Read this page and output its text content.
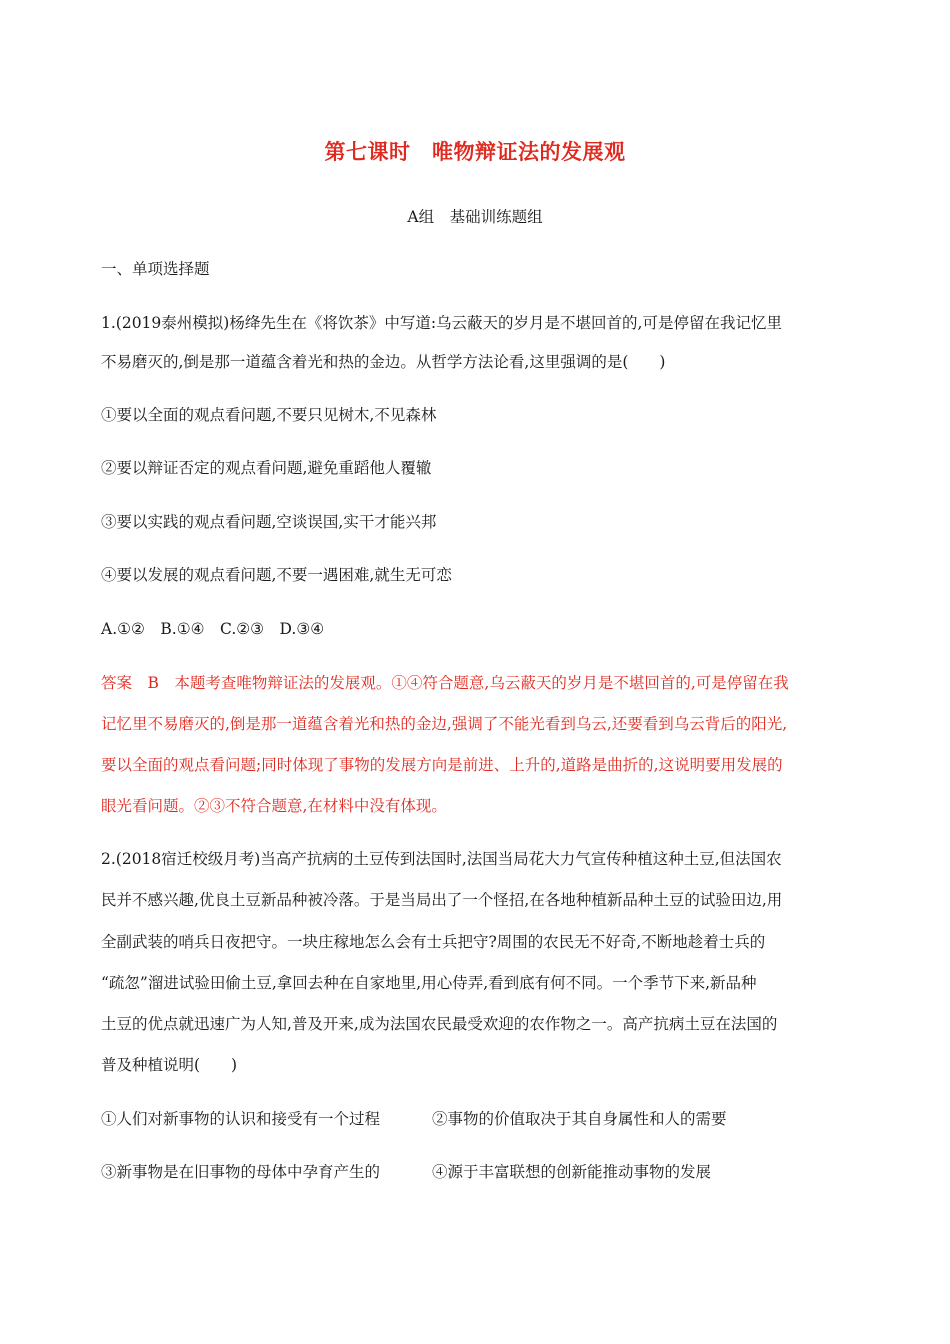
第七课时　唯物辩证法的发展观
A组　基础训练题组
一、单项选择题
1.(2019泰州模拟)杨绛先生在《将饮茶》中写道:乌云蔽天的岁月是不堪回首的,可是停留在我记忆里
不易磨灭的,倒是那一道蕴含着光和热的金边。从哲学方法论看,这里强调的是(　　)
①要以全面的观点看问题,不要只见树木,不见森林
②要以辩证否定的观点看问题,避免重蹈他人覆辙
③要以实践的观点看问题,空谈误国,实干才能兴邦
④要以发展的观点看问题,不要一遇困难,就生无可恋
A.①②　B.①④　C.②③　D.③④
答案　B　本题考查唯物辩证法的发展观。①④符合题意,乌云蔽天的岁月是不堪回首的,可是停留在我
记忆里不易磨灭的,倒是那一道蕴含着光和热的金边,强调了不能光看到乌云,还要看到乌云背后的阳光,
要以全面的观点看问题;同时体现了事物的发展方向是前进、上升的,道路是曲折的,这说明要用发展的
眼光看问题。②③不符合题意,在材料中没有体现。
2.(2018宿迁校级月考)当高产抗病的土豆传到法国时,法国当局花大力气宣传种植这种土豆,但法国农
民并不感兴趣,优良土豆新品种被冷落。于是当局出了一个怪招,在各地种植新品种土豆的试验田边,用
全副武装的哨兵日夜把守。一块庄稼地怎么会有士兵把守?周围的农民无不好奇,不断地趁着士兵的
“疏忽”溜进试验田偷土豆,拿回去种在自家地里,用心侍弄,看到底有何不同。一个季节下来,新品种
土豆的优点就迅速广为人知,普及开来,成为法国农民最受欢迎的农作物之一。高产抗病土豆在法国的
普及种植说明(　　)
①人们对新事物的认识和接受有一个过程	②事物的价值取决于其自身属性和人的需要
③新事物是在旧事物的母体中孕育产生的	④源于丰富联想的创新能推动事物的发展
